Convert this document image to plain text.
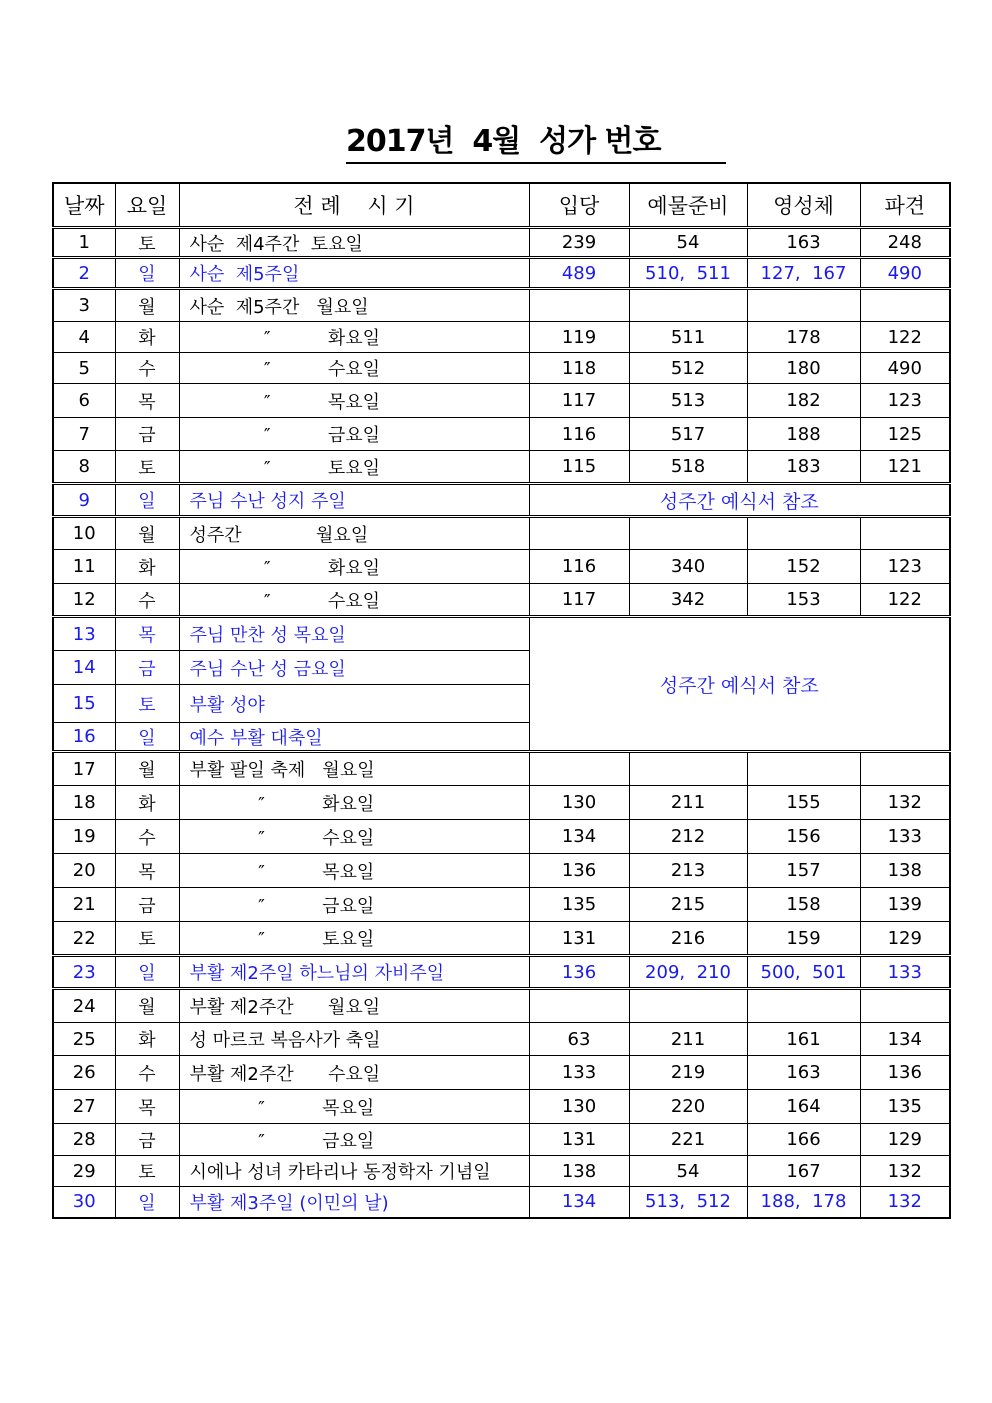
2017년  4월  성가 번호
날짜	요일	전 례    시 기	입당	예물준비	영성체	파견
1	토	사순  제4주간  토요일	239	54	163	248
2	일	사순  제5주일	489	510,  511	127,  167	490
3	월	사순  제5주간   월요일				
4	화	″          화요일	119	511	178	122
5	수	″          수요일	118	512	180	490
6	목	″          목요일	117	513	182	123
7	금	″          금요일	116	517	188	125
8	토	″          토요일	115	518	183	121
9	일	주님 수난 성지 주일	성주간 예식서 참조			
10	월	성주간             월요일				
11	화	″          화요일	116	340	152	123
12	수	″          수요일	117	342	153	122
13	목	주님 만찬 성 목요일	성주간 예식서 참조			
14	금	주님 수난 성 금요일				
15	토	부활 성야				
16	일	예수 부활 대축일				
17	월	부활 팔일 축제   월요일				
18	화	″          화요일	130	211	155	132
19	수	″          수요일	134	212	156	133
20	목	″          목요일	136	213	157	138
21	금	″          금요일	135	215	158	139
22	토	″          토요일	131	216	159	129
23	일	부활 제2주일 하느님의 자비주일	136	209,  210	500,  501	133
24	월	부활 제2주간      월요일				
25	화	성 마르코 복음사가 축일	63	211	161	134
26	수	부활 제2주간      수요일	133	219	163	136
27	목	″          목요일	130	220	164	135
28	금	″          금요일	131	221	166	129
29	토	시에나 성녀 카타리나 동정학자 기념일	138	54	167	132
30	일	부활 제3주일 (이민의 날)	134	513,  512	188,  178	132
